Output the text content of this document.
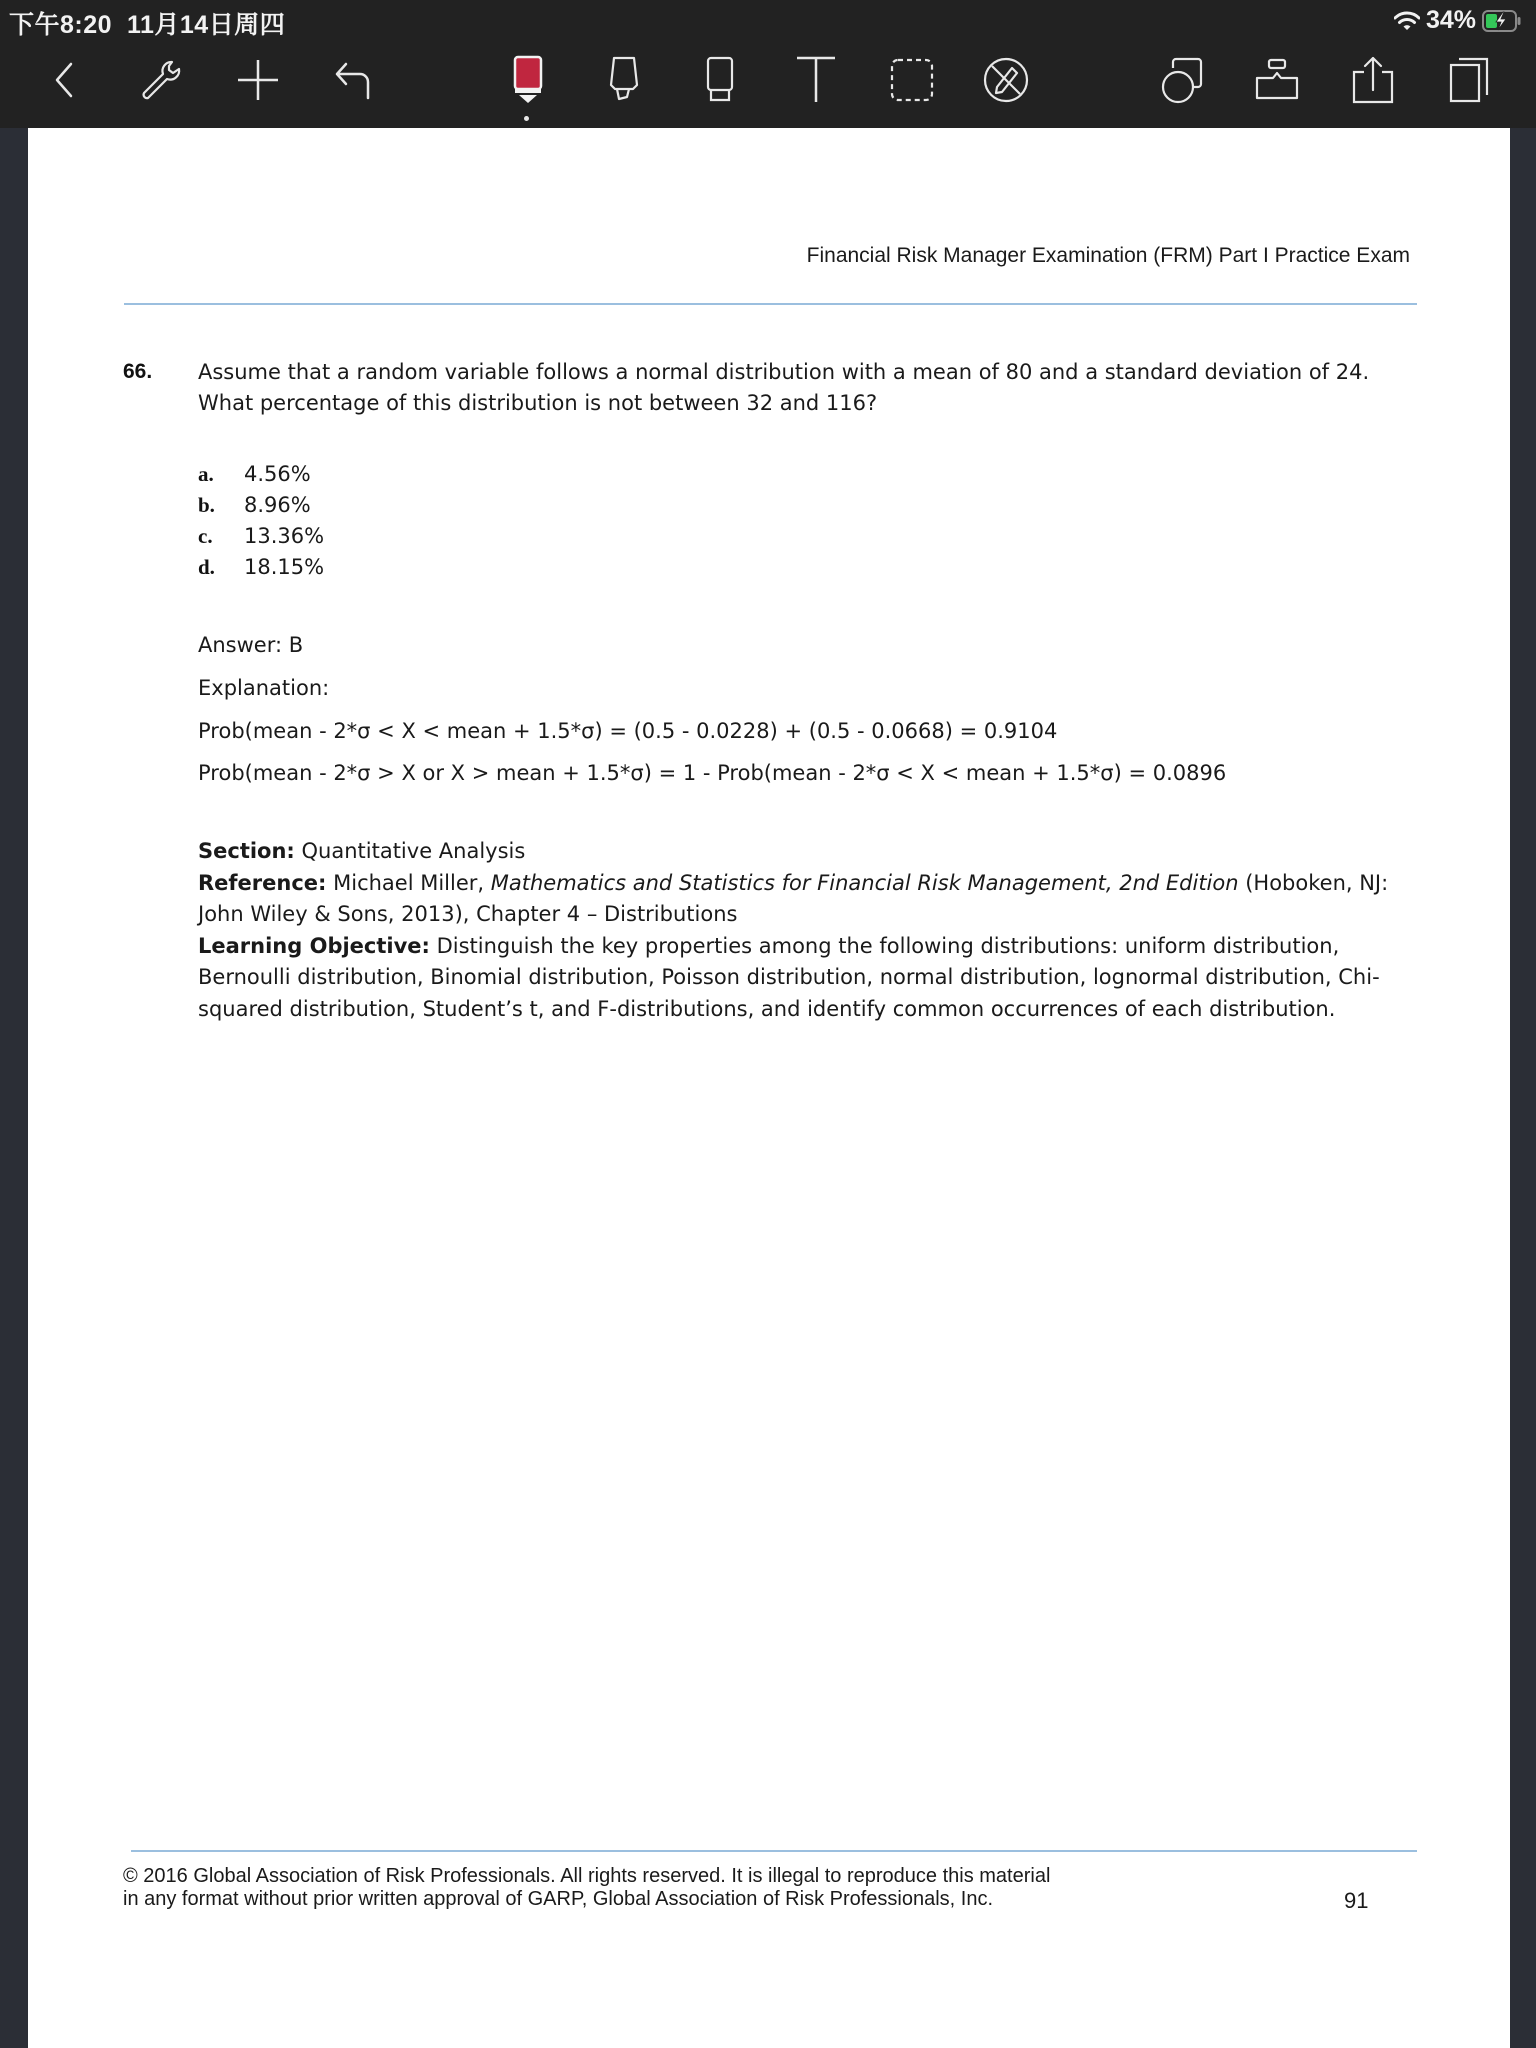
下午8:20 11月14日周四	34%
Financial Risk Manager Examination (FRM) Part I Practice Exam
66. Assume that a random variable follows a normal distribution with a mean of 80 and a standard deviation of 24. What percentage of this distribution is not between 32 and 116?
a.	4.56%
b.	8.96%
c.	13.36%
d.	18.15%
Answer: B
Explanation:
Prob(mean - 2*σ < X < mean + 1.5*σ) = (0.5 - 0.0228) + (0.5 - 0.0668) = 0.9104
Prob(mean - 2*σ > X or X > mean + 1.5*σ) = 1 - Prob(mean - 2*σ < X < mean + 1.5*σ) = 0.0896
Section: Quantitative Analysis
Reference: Michael Miller, Mathematics and Statistics for Financial Risk Management, 2nd Edition (Hoboken, NJ: John Wiley & Sons, 2013), Chapter 4 – Distributions
Learning Objective: Distinguish the key properties among the following distributions: uniform distribution, Bernoulli distribution, Binomial distribution, Poisson distribution, normal distribution, lognormal distribution, Chi-squared distribution, Student’s t, and F-distributions, and identify common occurrences of each distribution.
© 2016 Global Association of Risk Professionals. All rights reserved. It is illegal to reproduce this material
in any format without prior written approval of GARP, Global Association of Risk Professionals, Inc.	91
